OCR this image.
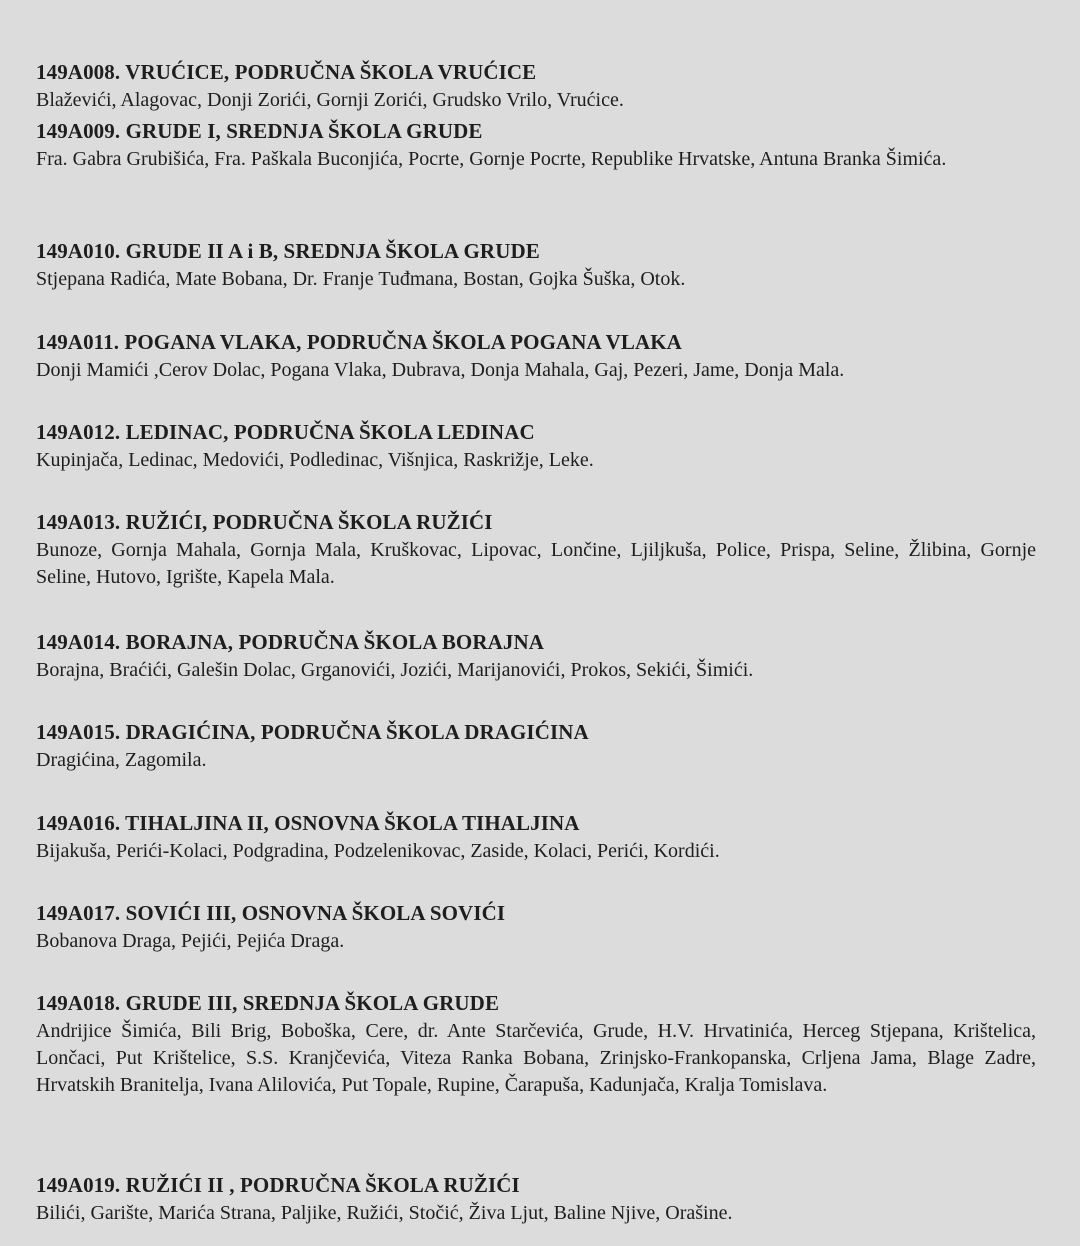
149A008. VRUĆICE, PODRUČNA ŠKOLA VRUĆICE
Blaževići, Alagovac, Donji Zorići, Gornji Zorići, Grudsko Vrilo, Vrućice.
149A009. GRUDE I, SREDNJA ŠKOLA GRUDE
Fra. Gabra Grubišića, Fra. Paškala Buconjića, Pocrte, Gornje Pocrte, Republike Hrvatske, Antuna Branka Šimića.
149A010. GRUDE II A i B, SREDNJA ŠKOLA GRUDE
Stjepana Radića, Mate Bobana, Dr. Franje Tuđmana, Bostan, Gojka Šuška, Otok.
149A011. POGANA VLAKA, PODRUČNA ŠKOLA POGANA VLAKA
Donji Mamići ,Cerov Dolac, Pogana Vlaka, Dubrava, Donja Mahala, Gaj, Pezeri, Jame, Donja Mala.
149A012. LEDINAC, PODRUČNA ŠKOLA LEDINAC
Kupinjača, Ledinac, Medovići, Podledinac, Višnjica, Raskrižje, Leke.
149A013. RUŽIĆI, PODRUČNA ŠKOLA RUŽIĆI
Bunoze, Gornja Mahala, Gornja Mala, Kruškovac, Lipovac, Lončine, Ljiljkuša, Police, Prispa, Seline, Žlibina, Gornje Seline, Hutovo, Igrište, Kapela Mala.
149A014. BORAJNA, PODRUČNA ŠKOLA BORAJNA
Borajna, Braćići, Galešin Dolac, Grganovići, Jozići, Marijanovići, Prokos, Sekići, Šimići.
149A015. DRAGIĆINA, PODRUČNA ŠKOLA DRAGIĆINA
Dragićina, Zagomila.
149A016. TIHALJINA II, OSNOVNA ŠKOLA TIHALJINA
Bijakuša, Perići-Kolaci, Podgradina, Podzelenikovac, Zaside, Kolaci, Perići, Kordići.
149A017. SOVIĆI III, OSNOVNA ŠKOLA SOVIĆI
Bobanova Draga, Pejići, Pejića Draga.
149A018. GRUDE III, SREDNJA ŠKOLA GRUDE
Andrijice Šimića, Bili Brig, Boboška, Cere, dr. Ante Starčevića, Grude, H.V. Hrvatinića, Herceg Stjepana, Krištelica, Lončaci, Put Krištelice, S.S. Kranjčevića, Viteza Ranka Bobana, Zrinjsko-Frankopanska, Crljena Jama, Blage Zadre, Hrvatskih Branitelja, Ivana Alilovića, Put Topale, Rupine, Čarapuša, Kadunjača, Kralja Tomislava.
149A019. RUŽIĆI II , PODRUČNA ŠKOLA RUŽIĆI
Bilići, Garište, Marića Strana, Paljike, Ružići, Stočić, Živa Ljut, Baline Njive, Orašine.
